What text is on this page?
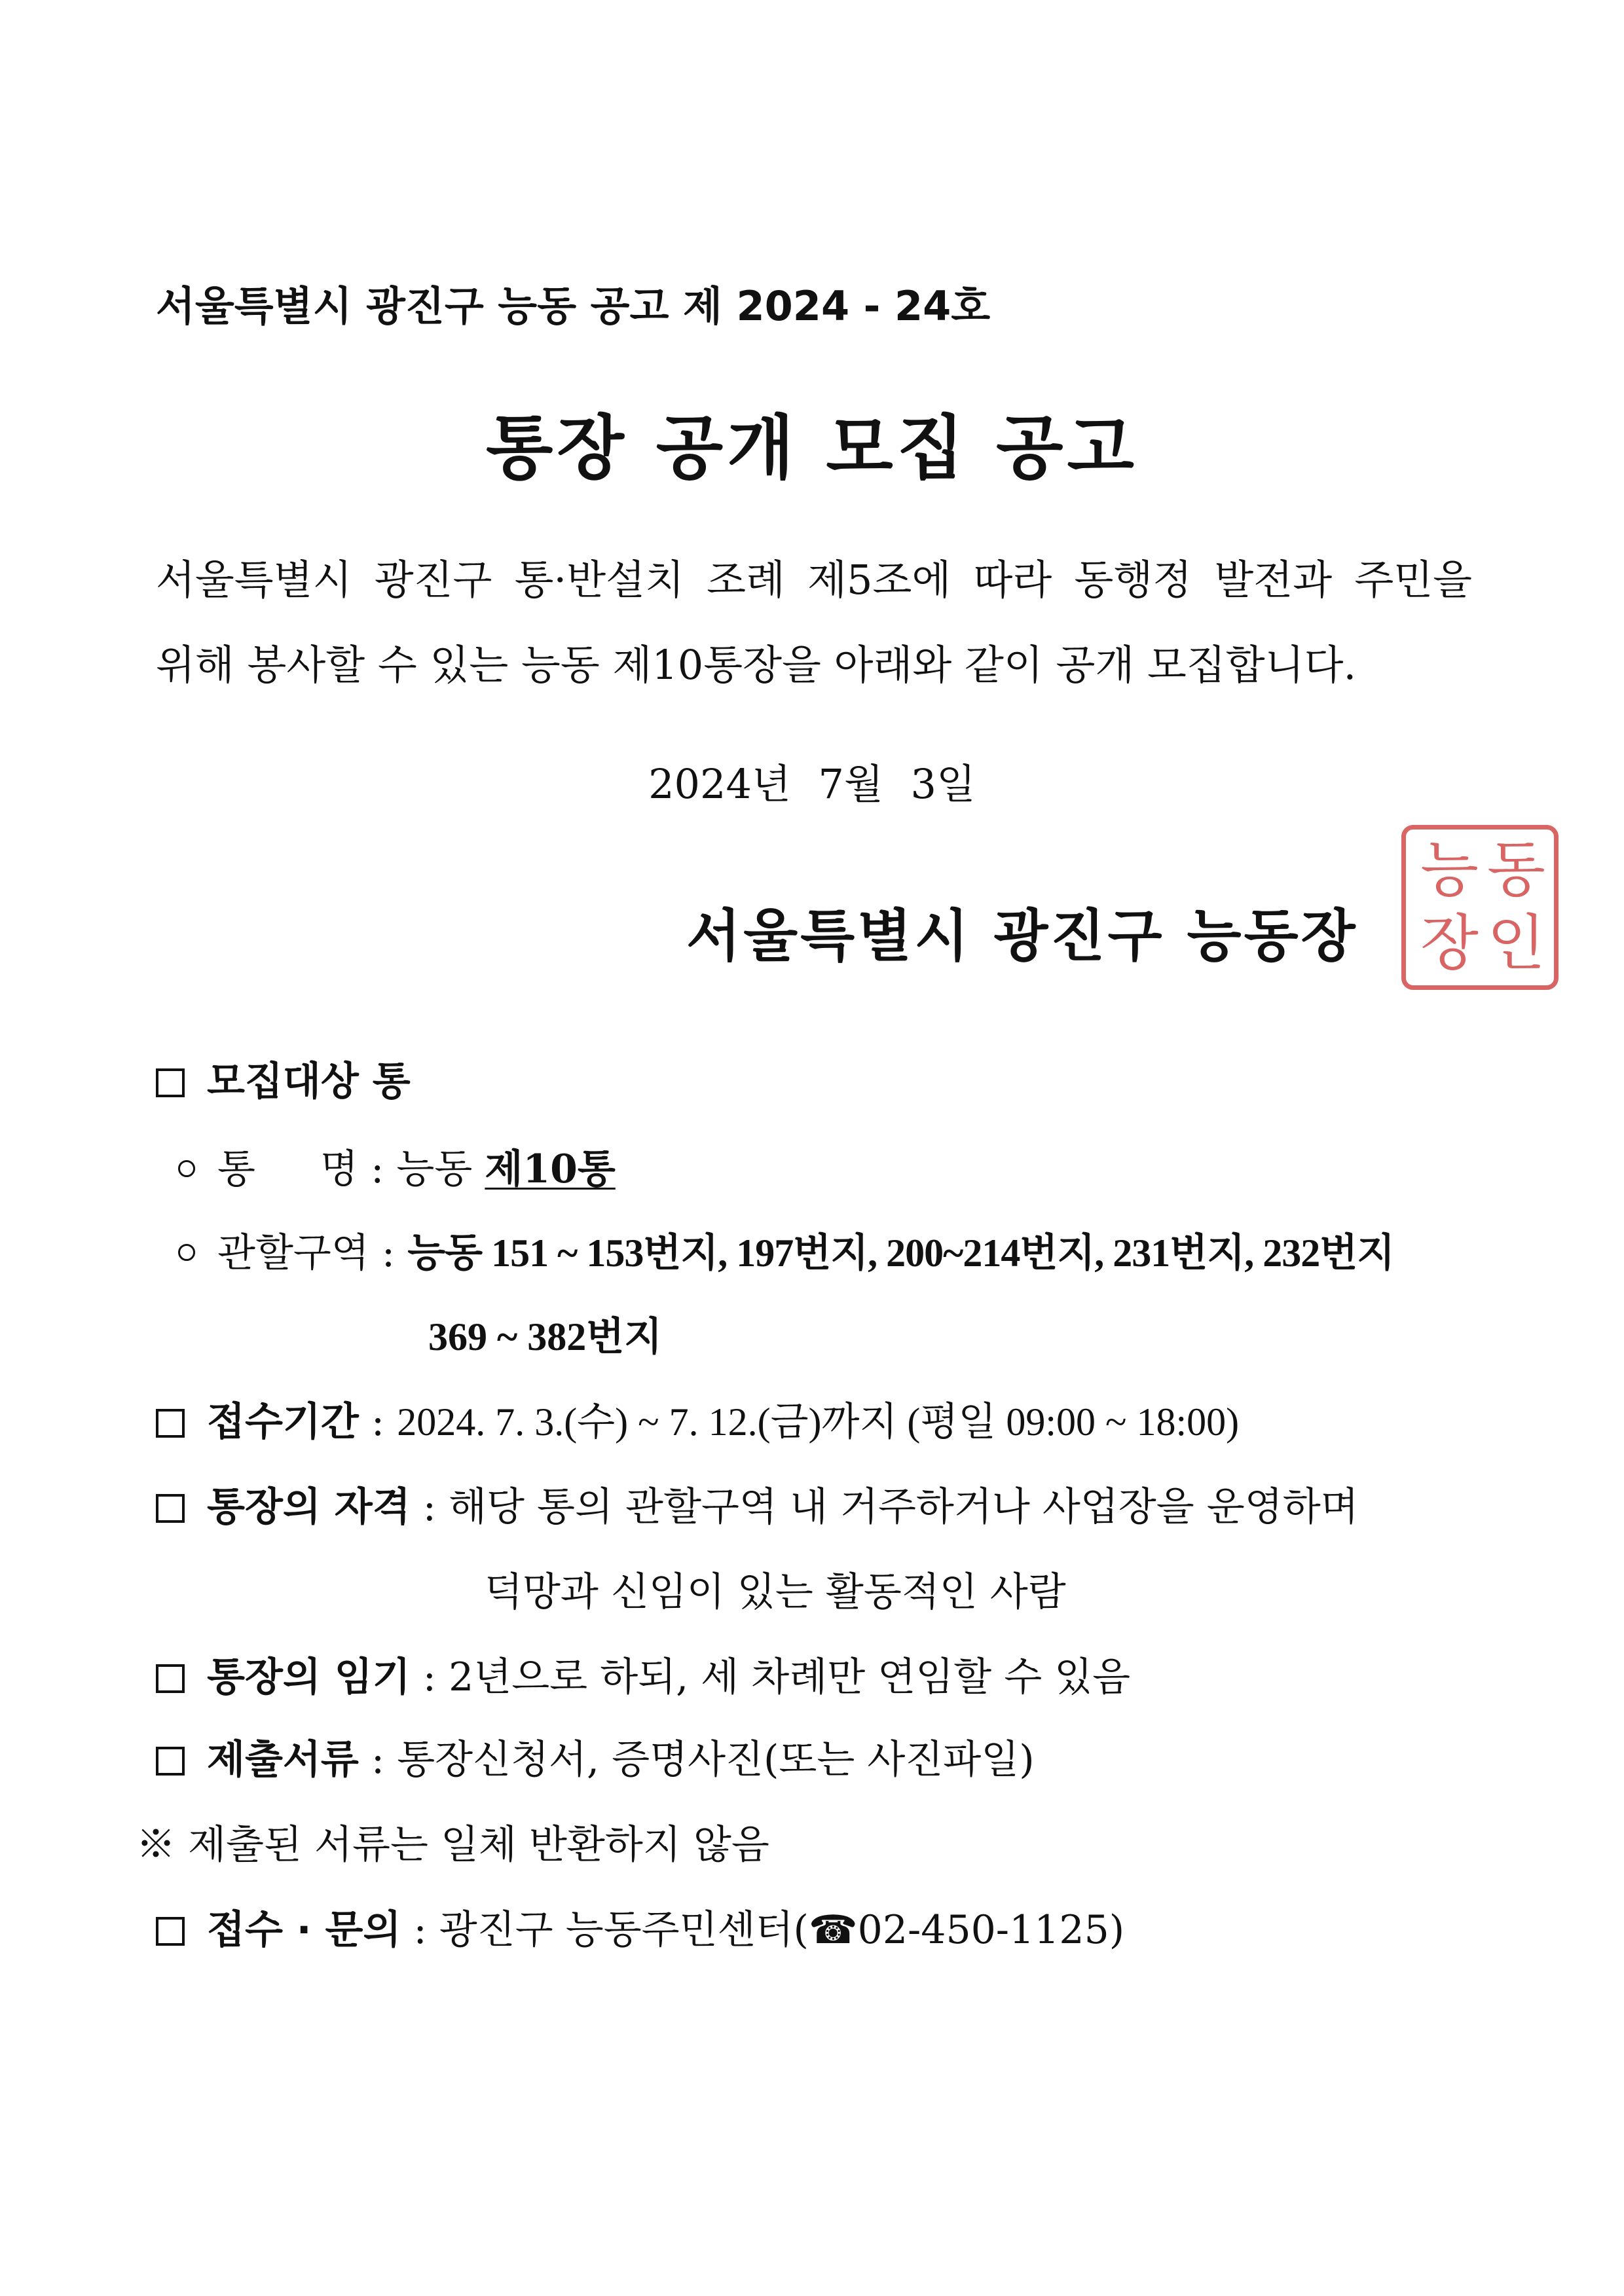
서울특별시 광진구 능동 공고 제 2024 - 24호
통장 공개 모집 공고
서울특별시 광진구 통·반설치 조례 제5조에 따라 동행정 발전과 주민을
위해 봉사할 수 있는 능동 제10통장을 아래와 같이 공개 모집합니다.
2024년 7월 3일
서울특별시 광진구 능동장
능 동
장 인
모집대상 통
통 명 : 능동 제10통
관할구역 : 능동 151 ~ 153번지, 197번지, 200~214번지, 231번지, 232번지
369 ~ 382번지
접수기간 : 2024. 7. 3.(수) ~ 7. 12.(금)까지 (평일 09:00 ~ 18:00)
통장의 자격 : 해당 통의 관할구역 내 거주하거나 사업장을 운영하며
덕망과 신임이 있는 활동적인 사람
통장의 임기 : 2년으로 하되, 세 차례만 연임할 수 있음
제출서류 : 통장신청서, 증명사진(또는 사진파일)
※ 제출된 서류는 일체 반환하지 않음
접수 · 문의 : 광진구 능동주민센터(☎02-450-1125)
